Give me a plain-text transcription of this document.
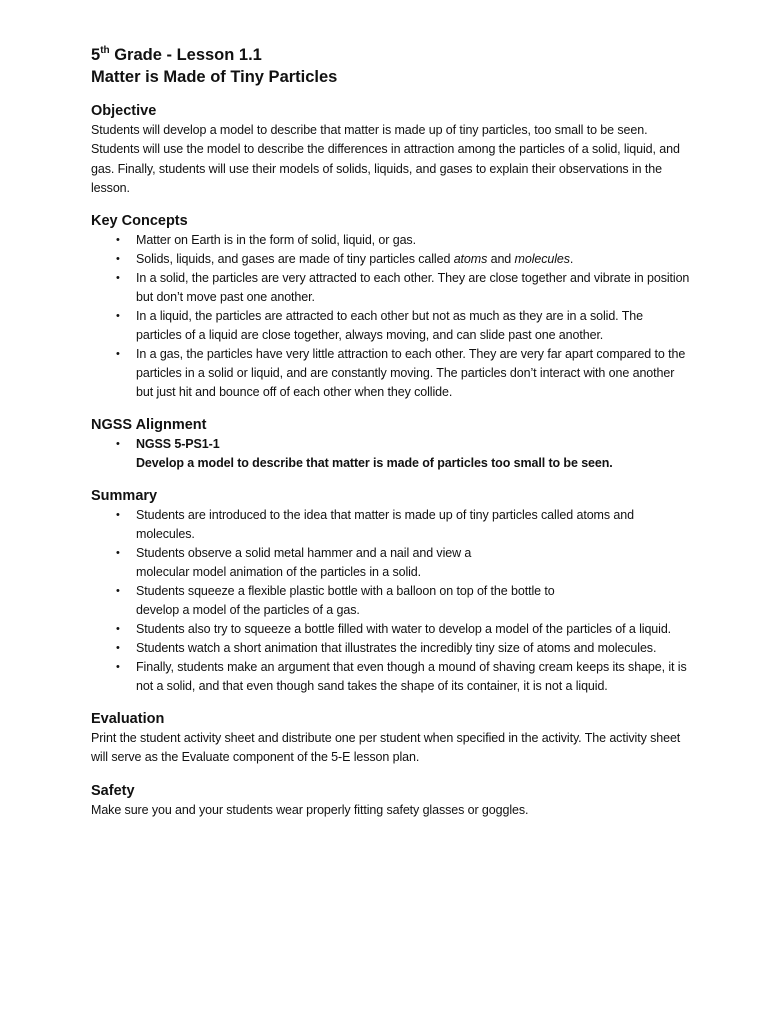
5th Grade - Lesson 1.1
Matter is Made of Tiny Particles
Objective

Students will develop a model to describe that matter is made up of tiny particles, too small to be seen. Students will use the model to describe the differences in attraction among the particles of a solid, liquid, and gas. Finally, students will use their models of solids, liquids, and gases to explain their observations in the lesson.

Key Concepts
• Matter on Earth is in the form of solid, liquid, or gas.
• Solids, liquids, and gases are made of tiny particles called atoms and molecules.
• In a solid, the particles are very attracted to each other. They are close together and vibrate in position but don’t move past one another.
• In a liquid, the particles are attracted to each other but not as much as they are in a solid. The particles of a liquid are close together, always moving, and can slide past one another.
• In a gas, the particles have very little attraction to each other. They are very far apart compared to the particles in a solid or liquid, and are constantly moving. The particles don’t interact with one another but just hit and bounce off of each other when they collide.
NGSS Alignment
• NGSS 5-PS1-1
Develop a model to describe that matter is made of particles too small to be seen.
Summary
• Students are introduced to the idea that matter is made up of tiny particles called atoms and molecules.
• Students observe a solid metal hammer and a nail and view a molecular model animation of the particles in a solid.
• Students squeeze a flexible plastic bottle with a balloon on top of the bottle to develop a model of the particles of a gas.
• Students also try to squeeze a bottle filled with water to develop a model of the particles of a liquid.
• Students watch a short animation that illustrates the incredibly tiny size of atoms and molecules.
• Finally, students make an argument that even though a mound of shaving cream keeps its shape, it is not a solid, and that even though sand takes the shape of its container, it is not a liquid.
Evaluation

Print the student activity sheet and distribute one per student when specified in the activity. The activity sheet will serve as the Evaluate component of the 5-E lesson plan.

Safety

Make sure you and your students wear properly fitting safety glasses or goggles.
